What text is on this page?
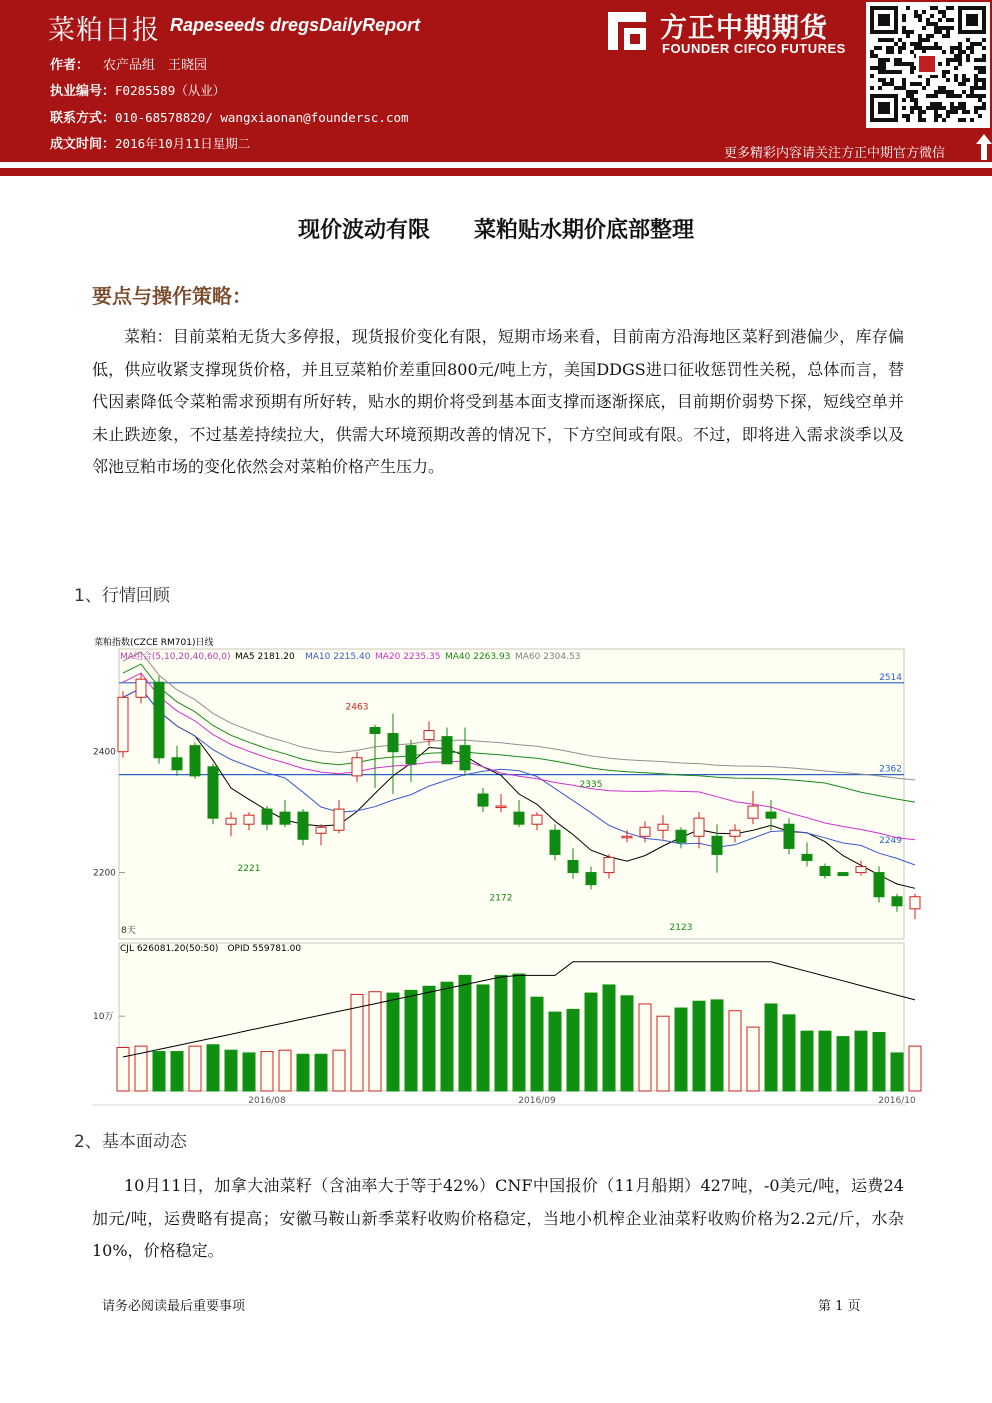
菜粕日报 Rapeseeds dregsDailyReport
作者： 农产品组　王晓园
执业编号：F0285589（从业）
联系方式：010-68578820/ wangxiaonan@foundersc.com
成文时间：2016年10月11日星期二
方正中期期货
FOUNDER CIFCO FUTURES
更多精彩内容请关注方正中期官方微信
现价波动有限　　菜粕贴水期价底部整理
要点与操作策略：
菜粕：目前菜粕无货大多停报，现货报价变化有限，短期市场来看，目前南方沿海地区菜籽到港偏少，库存偏低，供应收紧支撑现货价格，并且豆菜粕价差重回800元/吨上方，美国DDGS进口征收惩罚性关税，总体而言，替代因素降低令菜粕需求预期有所好转，贴水的期价将受到基本面支撑而逐渐探底，目前期价弱势下探，短线空单并未止跌迹象，不过基差持续拉大，供需大环境预期改善的情况下，下方空间或有限。不过，即将进入需求淡季以及邻池豆粕市场的变化依然会对菜粕价格产生压力。
1、行情回顾
2400
2200
2514
2362
2249
2463
2221
2335
2172
2123
菜粕指数(CZCE RM701)日线
MA组合(5,10,20,40,60,0) MA5 2181.20 MA10 2215.40 MA20 2235.35 MA40 2263.93 MA60 2304.53
8天
CJL 626081.20(50:50)　OPID 559781.00
10万
2016/08	2016/09	2016/10
2、基本面动态
10月11日，加拿大油菜籽（含油率大于等于42%）CNF中国报价（11月船期）427吨，-0美元/吨，运费24加元/吨，运费略有提高；安徽马鞍山新季菜籽收购价格稳定，当地小机榨企业油菜籽收购价格为2.2元/斤，水杂10%，价格稳定。
请务必阅读最后重要事项	第 1 页
